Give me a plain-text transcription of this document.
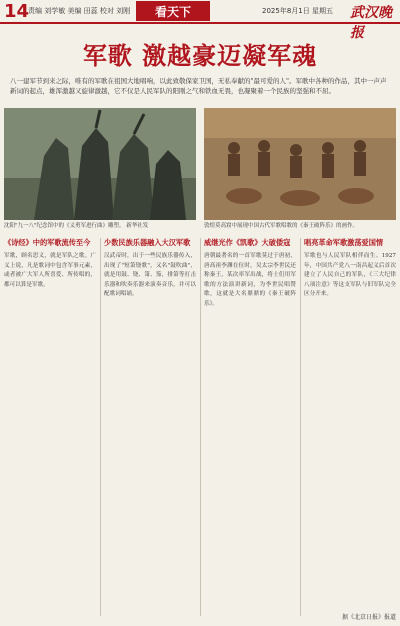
14
责编 刘学敏 美编 田蕊 校对 刘刚	看天下	2025年8月1日 星期五 武汉晚报
军歌 激越豪迈凝军魂
八一建军节到来之际，唯有的军歌在祖国大地唱响，以此致敬保家卫国，无私奉献的"最可爱的人"。军歌中各种的作品，其中一声声新词的起点，雄浑激越又旋律激越，它不仅是人民军队的阳刚之气和铁血无畏，也凝聚着一个民族的坚强和不屈。
沈阳"九一八"纪念馆中的《义勇军进行曲》雕塑。 新华社发	敦煌莫高窟中展现中国古代军歌唱歌的《秦王破阵乐》的画作。
《诗经》中的军歌流传至今
军歌，顾名思义，就是军队之歌。广义上说，凡是歌词中包含军事元素，或者被广大军人所喜爱、所传唱的，都可以算是军歌。
少数民族乐器融入大汉军歌
汉武帝时，出于一些民族乐器传入，出现了"短箫铙歌"，又名"鼓吹曲"，就是用鼓、铙、箫、笳，排箫等打击乐器和吹奏乐器来演奏音乐，并可以配歌词唱诵。
威继光作《凯歌》大破倭寇
唐朝最著名的一首军歌莫过于唐初，唐高祖李渊在位时，吴太宗李世民还称秦王，某次率军出战，将士们用军歌的方法演讲新词，为李世民唱赞歌，这就是大名鼎鼎的《秦王破阵乐》。
唱亮革命军歌激荡爱国情
军歌也与人民军队相伴而生。1927年，中国共产党八一南昌起义后首次建立了人民自己的军队，《三大纪律八项注意》等这支军队与旧军队完全区分开来。
据《北京日报》报道
